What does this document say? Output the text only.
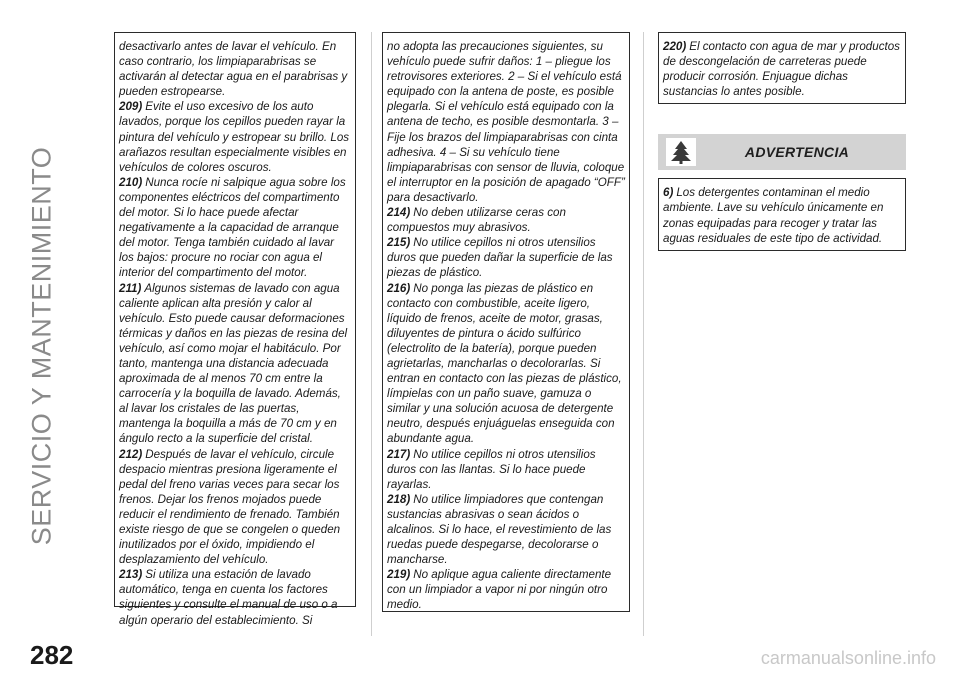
SERVICIO Y MANTENIMIENTO
282

desactivarlo antes de lavar el vehículo. En caso contrario, los limpiaparabrisas se activarán al detectar agua en el parabrisas y pueden estropearse.

209) Evite el uso excesivo de los auto lavados, porque los cepillos pueden rayar la pintura del vehículo y estropear su brillo. Los arañazos resultan especialmente visibles en vehículos de colores oscuros.

210) Nunca rocíe ni salpique agua sobre los componentes eléctricos del compartimento del motor. Si lo hace puede afectar negativamente a la capacidad de arranque del motor. Tenga también cuidado al lavar los bajos: procure no rociar con agua el interior del compartimento del motor.

211) Algunos sistemas de lavado con agua caliente aplican alta presión y calor al vehículo. Esto puede causar deformaciones térmicas y daños en las piezas de resina del vehículo, así como mojar el habitáculo. Por tanto, mantenga una distancia adecuada aproximada de al menos 70 cm entre la carrocería y la boquilla de lavado. Además, al lavar los cristales de las puertas, mantenga la boquilla a más de 70 cm y en ángulo recto a la superficie del cristal.

212) Después de lavar el vehículo, circule despacio mientras presiona ligeramente el pedal del freno varias veces para secar los frenos. Dejar los frenos mojados puede reducir el rendimiento de frenado. También existe riesgo de que se congelen o queden inutilizados por el óxido, impidiendo el desplazamiento del vehículo.

213) Si utiliza una estación de lavado automático, tenga en cuenta los factores siguientes y consulte el manual de uso o a algún operario del establecimiento. Si

no adopta las precauciones siguientes, su vehículo puede sufrir daños: 1 – pliegue los retrovisores exteriores. 2 – Si el vehículo está equipado con la antena de poste, es posible plegarla. Si el vehículo está equipado con la antena de techo, es posible desmontarla. 3 – Fije los brazos del limpiaparabrisas con cinta adhesiva. 4 – Si su vehículo tiene limpiaparabrisas con sensor de lluvia, coloque el interruptor en la posición de apagado “OFF” para desactivarlo.

214) No deben utilizarse ceras con compuestos muy abrasivos.

215) No utilice cepillos ni otros utensilios duros que pueden dañar la superficie de las piezas de plástico.

216) No ponga las piezas de plástico en contacto con combustible, aceite ligero, líquido de frenos, aceite de motor, grasas, diluyentes de pintura o ácido sulfúrico (electrolito de la batería), porque pueden agrietarlas, mancharlas o decolorarlas. Si entran en contacto con las piezas de plástico, límpielas con un paño suave, gamuza o similar y una solución acuosa de detergente neutro, después enjuáguelas enseguida con abundante agua.

217) No utilice cepillos ni otros utensilios duros con las llantas. Si lo hace puede rayarlas.

218) No utilice limpiadores que contengan sustancias abrasivas o sean ácidos o alcalinos. Si lo hace, el revestimiento de las ruedas puede despegarse, decolorarse o mancharse.

219) No aplique agua caliente directamente con un limpiador a vapor ni por ningún otro medio.

220) El contacto con agua de mar y productos de descongelación de carreteras puede producir corrosión. Enjuague dichas sustancias lo antes posible.

ADVERTENCIA

6) Los detergentes contaminan el medio ambiente. Lave su vehículo únicamente en zonas equipadas para recoger y tratar las aguas residuales de este tipo de actividad.

carmanualsonline.info
